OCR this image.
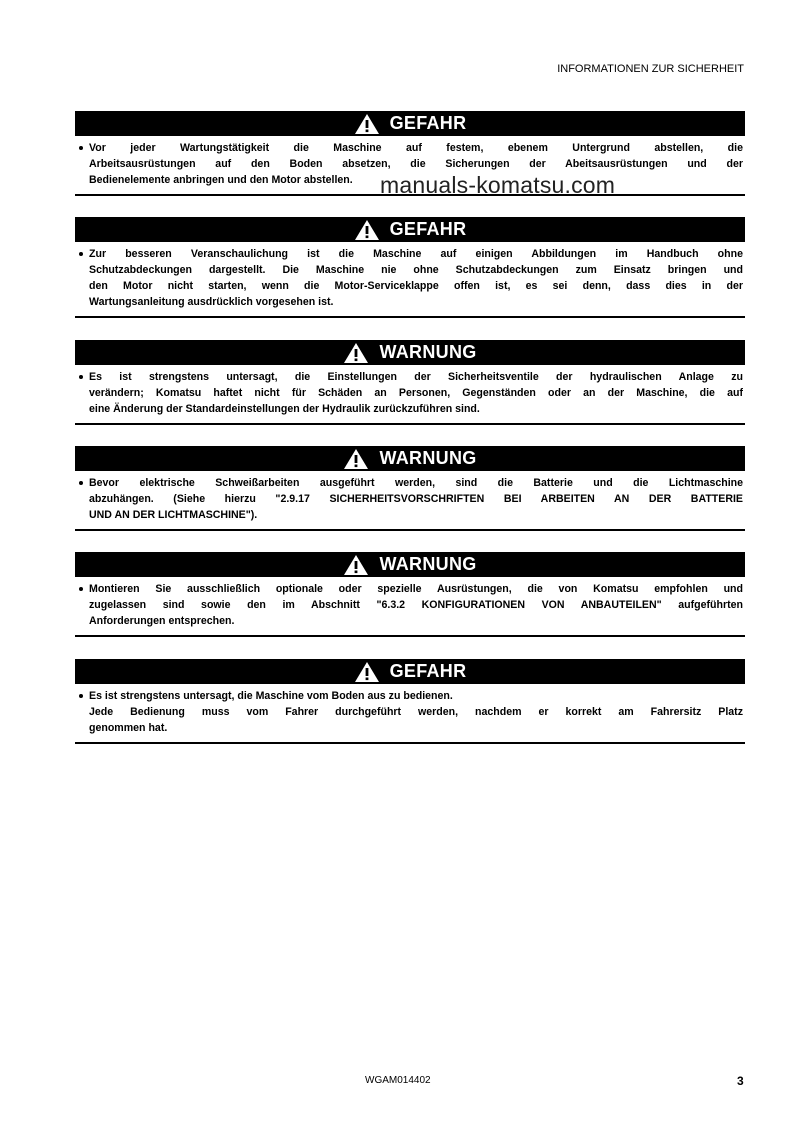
INFORMATIONEN ZUR SICHERHEIT
GEFAHR
Vor jeder Wartungstätigkeit die Maschine auf festem, ebenem Untergrund abstellen, die
Arbeitsausrüstungen auf den Boden absetzen, die Sicherungen der Abeitsausrüstungen und der
Bedienelemente anbringen und den Motor abstellen.
GEFAHR
Zur besseren Veranschaulichung ist die Maschine auf einigen Abbildungen im Handbuch ohne
Schutzabdeckungen dargestellt. Die Maschine nie ohne Schutzabdeckungen zum Einsatz bringen und
den Motor nicht starten, wenn die Motor-Serviceklappe offen ist, es sei denn, dass dies in der
Wartungsanleitung ausdrücklich vorgesehen ist.
WARNUNG
Es ist strengstens untersagt, die Einstellungen der Sicherheitsventile der hydraulischen Anlage zu
verändern; Komatsu haftet nicht für Schäden an Personen, Gegenständen oder an der Maschine, die auf
eine Änderung der Standardeinstellungen der Hydraulik zurückzuführen sind.
WARNUNG
Bevor elektrische Schweißarbeiten ausgeführt werden, sind die Batterie und die Lichtmaschine
abzuhängen. (Siehe hierzu "2.9.17 SICHERHEITSVORSCHRIFTEN BEI ARBEITEN AN DER BATTERIE
UND AN DER LICHTMASCHINE").
WARNUNG
Montieren Sie ausschließlich optionale oder spezielle Ausrüstungen, die von Komatsu empfohlen und
zugelassen sind sowie den im Abschnitt "6.3.2 KONFIGURATIONEN VON ANBAUTEILEN" aufgeführten
Anforderungen entsprechen.
GEFAHR
Es ist strengstens untersagt, die Maschine vom Boden aus zu bedienen.
Jede Bedienung muss vom Fahrer durchgeführt werden, nachdem er korrekt am Fahrersitz Platz
genommen hat.
manuals-komatsu.com
WGAM014402	3
